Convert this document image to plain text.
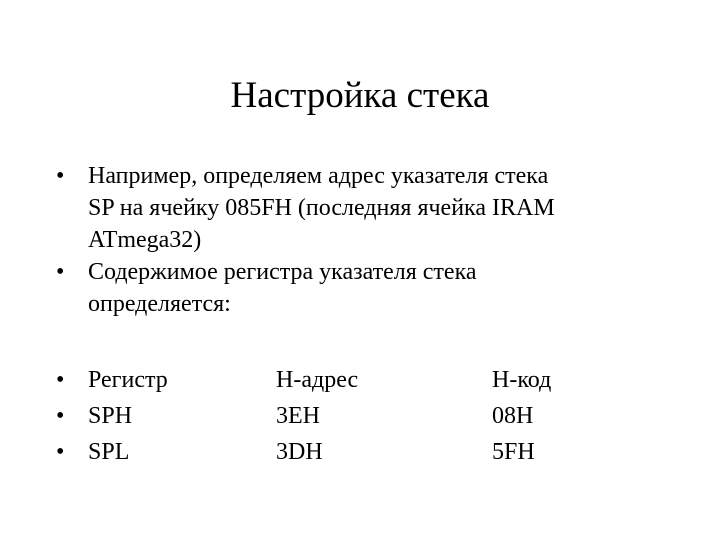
Настройка стека
• Например, определяем адрес указателя стека
SP на ячейку 085FH (последняя ячейка IRAM
ATmega32)
• Содержимое регистра указателя стека
определяется:
• Регистр	H-адрес	H-код
• SPH	3EH	08H
• SPL	3DH	5FH
